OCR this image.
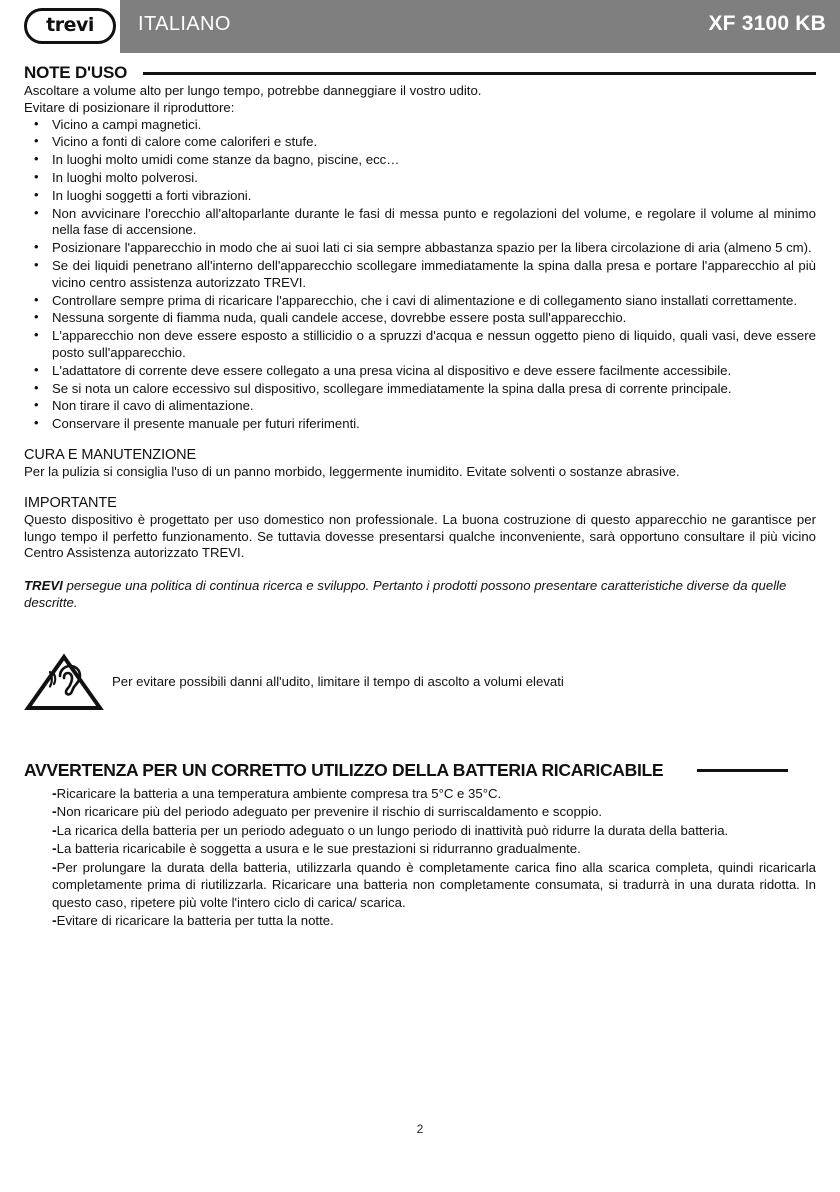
trevi ITALIANO	XF 3100 KB
NOTE D'USO

Ascoltare a volume alto per lungo tempo, potrebbe danneggiare il vostro udito.

Evitare di posizionare il riproduttore:

• Vicino a campi magnetici.
• Vicino a fonti di calore come caloriferi e stufe.
• In luoghi molto umidi come stanze da bagno, piscine, ecc…
• In luoghi molto polverosi.
• In luoghi soggetti a forti vibrazioni.
• Non avvicinare l'orecchio all'altoparlante durante le fasi di messa punto e regolazioni del volume, e regolare il volume al minimo nella fase di accensione.
• Posizionare l'apparecchio in modo che ai suoi lati ci sia sempre abbastanza spazio per la libera circolazione di aria (almeno 5 cm).
• Se dei liquidi penetrano all'interno dell'apparecchio scollegare immediatamente la spina dalla presa e portare l'apparecchio al più vicino centro assistenza autorizzato TREVI.
• Controllare sempre prima di ricaricare l'apparecchio, che i cavi di alimentazione e di collegamento siano installati correttamente.
• Nessuna sorgente di fiamma nuda, quali candele accese, dovrebbe essere posta sull'apparecchio.
• L'apparecchio non deve essere esposto a stillicidio o a spruzzi d'acqua e nessun oggetto pieno di liquido, quali vasi, deve essere posto sull'apparecchio.
• L'adattatore di corrente deve essere collegato a una presa vicina al dispositivo e deve essere facilmente accessibile.
• Se si nota un calore eccessivo sul dispositivo, scollegare immediatamente la spina dalla presa di corrente principale.
• Non tirare il cavo di alimentazione.
• Conservare il presente manuale per futuri riferimenti.
CURA E MANUTENZIONE

Per la pulizia si consiglia l'uso di un panno morbido, leggermente inumidito. Evitate solventi o sostanze abrasive.

IMPORTANTE

Questo dispositivo è progettato per uso domestico non professionale. La buona costruzione di questo apparecchio ne garantisce per lungo tempo il perfetto funzionamento. Se tuttavia dovesse presentarsi qualche inconveniente, sarà opportuno consultare il più vicino Centro Assistenza autorizzato TREVI.

TREVI persegue una politica di continua ricerca e sviluppo. Pertanto i prodotti possono presentare caratteristiche diverse da quelle descritte.

Per evitare possibili danni all'udito, limitare il tempo di ascolto a volumi elevati
AVVERTENZA PER UN CORRETTO UTILIZZO DELLA BATTERIA RICARICABILE
- Ricaricare la batteria a una temperatura ambiente compresa tra 5°C e 35°C.
- Non ricaricare più del periodo adeguato per prevenire il rischio di surriscaldamento e scoppio.
- La ricarica della batteria per un periodo adeguato o un lungo periodo di inattività può ridurre la durata della batteria.
- La batteria ricaricabile è soggetta a usura e le sue prestazioni si ridurranno gradualmente.
- Per prolungare la durata della batteria, utilizzarla quando è completamente carica fino alla scarica completa, quindi ricaricarla completamente prima di riutilizzarla. Ricaricare una batteria non completamente consumata, si tradurrà in una durata ridotta. In questo caso, ripetere più volte l'intero ciclo di carica/ scarica.
- Evitare di ricaricare la batteria per tutta la notte.
2
